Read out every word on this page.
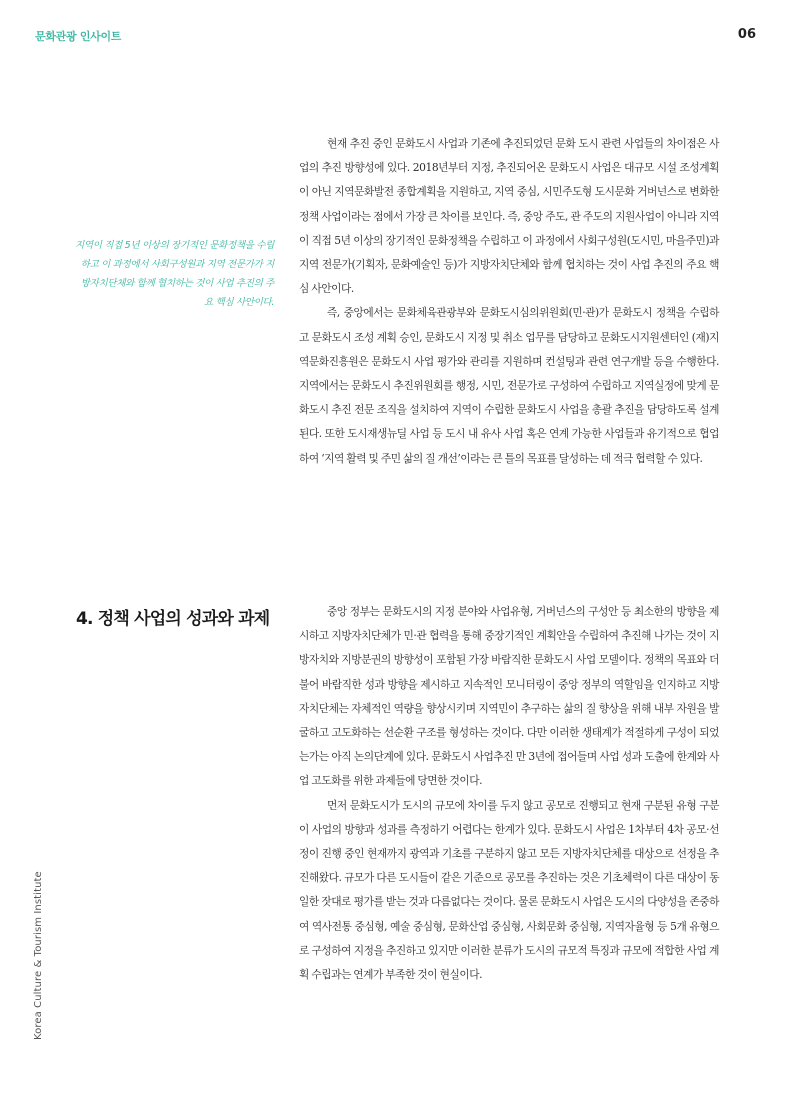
문화관광 인사이트	06

지역이 직접 5년 이상의 장기적인 문화정책을 수립하고 이 과정에서 사회구성원과 지역 전문가가 지방자치단체와 함께 협치하는 것이 사업 추진의 주요 핵심 사안이다.

현재 추진 중인 문화도시 사업과 기존에 추진되었던 문화 도시 관련 사업들의 차이점은 사업의 추진 방향성에 있다. 2018년부터 지정, 추진되어온 문화도시 사업은 대규모 시설 조성계획이 아닌 지역문화발전 종합계획을 지원하고, 지역 중심, 시민주도형 도시문화 거버넌스로 변화한 정책 사업이라는 점에서 가장 큰 차이를 보인다. 즉, 중앙 주도, 관 주도의 지원사업이 아니라 지역이 직접 5년 이상의 장기적인 문화정책을 수립하고 이 과정에서 사회구성원(도시민, 마을주민)과 지역 전문가(기획자, 문화예술인 등)가 지방자치단체와 함께 협치하는 것이 사업 추진의 주요 핵심 사안이다.

즉, 중앙에서는 문화체육관광부와 문화도시심의위원회(민·관)가 문화도시 정책을 수립하고 문화도시 조성 계획 승인, 문화도시 지정 및 취소 업무를 담당하고 문화도시지원센터인 (재)지역문화진흥원은 문화도시 사업 평가와 관리를 지원하며 컨설팅과 관련 연구개발 등을 수행한다. 지역에서는 문화도시 추진위원회를 행정, 시민, 전문가로 구성하여 수립하고 지역실정에 맞게 문화도시 추진 전문 조직을 설치하여 지역이 수립한 문화도시 사업을 총괄 추진을 담당하도록 설계된다. 또한 도시재생뉴딜 사업 등 도시 내 유사 사업 혹은 연계 가능한 사업들과 유기적으로 협업하여 ‘지역 활력 및 주민 삶의 질 개선’이라는 큰 틀의 목표를 달성하는 데 적극 협력할 수 있다.

4. 정책 사업의 성과와 과제	중앙 정부는 문화도시의 지정 분야와 사업유형, 거버넌스의 구성안 등 최소한의 방향을 제시하고 지방자치단체가 민·관 협력을 통해 중장기적인 계획안을 수립하여 추진해 나가는 것이 지방자치와 지방분권의 방향성이 포함된 가장 바람직한 문화도시 사업 모델이다. 정책의 목표와 더불어 바람직한 성과 방향을 제시하고 지속적인 모니터링이 중앙 정부의 역할임을 인지하고 지방자치단체는 자체적인 역량을 향상시키며 지역민이 추구하는 삶의 질 향상을 위해 내부 자원을 발굴하고 고도화하는 선순환 구조를 형성하는 것이다. 다만 이러한 생태계가 적절하게 구성이 되었는가는 아직 논의단계에 있다. 문화도시 사업추진 만 3년에 접어들며 사업 성과 도출에 한계와 사업 고도화를 위한 과제들에 당면한 것이다.

먼저 문화도시가 도시의 규모에 차이를 두지 않고 공모로 진행되고 현재 구분된 유형 구분이 사업의 방향과 성과를 측정하기 어렵다는 한계가 있다. 문화도시 사업은 1차부터 4차 공모·선정이 진행 중인 현재까지 광역과 기초를 구분하지 않고 모든 지방자치단체를 대상으로 선정을 추진해왔다. 규모가 다른 도시들이 같은 기준으로 공모를 추진하는 것은 기초체력이 다른 대상이 동일한 잣대로 평가를 받는 것과 다름없다는 것이다. 물론 문화도시 사업은 도시의 다양성을 존중하여 역사전통 중심형, 예술 중심형, 문화산업 중심형, 사회문화 중심형, 지역자율형 등 5개 유형으로 구성하여 지정을 추진하고 있지만 이러한 분류가 도시의 규모적 특징과 규모에 적합한 사업 계획 수립과는 연계가 부족한 것이 현실이다.

Korea Culture & Tourism Institute
